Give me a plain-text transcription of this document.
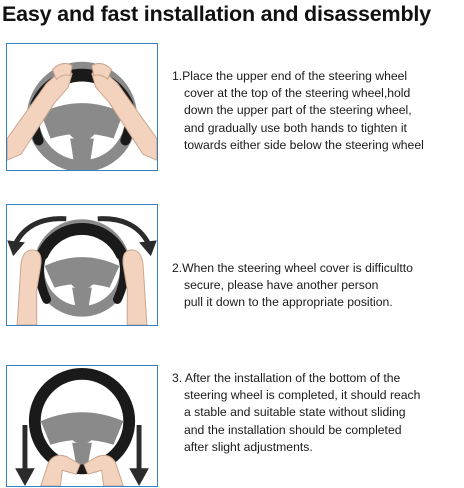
Easy and fast installation and disassembly
1.Place the upper end of the steering wheel
cover at the top of the steering wheel,hold
down the upper part of the steering wheel,
and gradually use both hands to tighten it
towards either side below the steering wheel
2.When the steering wheel cover is difficultto
secure, please have another person
pull it down to the appropriate position.
3. After the installation of the bottom of the
steering wheel is completed, it should reach
a stable and suitable state without sliding
and the installation should be completed
after slight adjustments.
